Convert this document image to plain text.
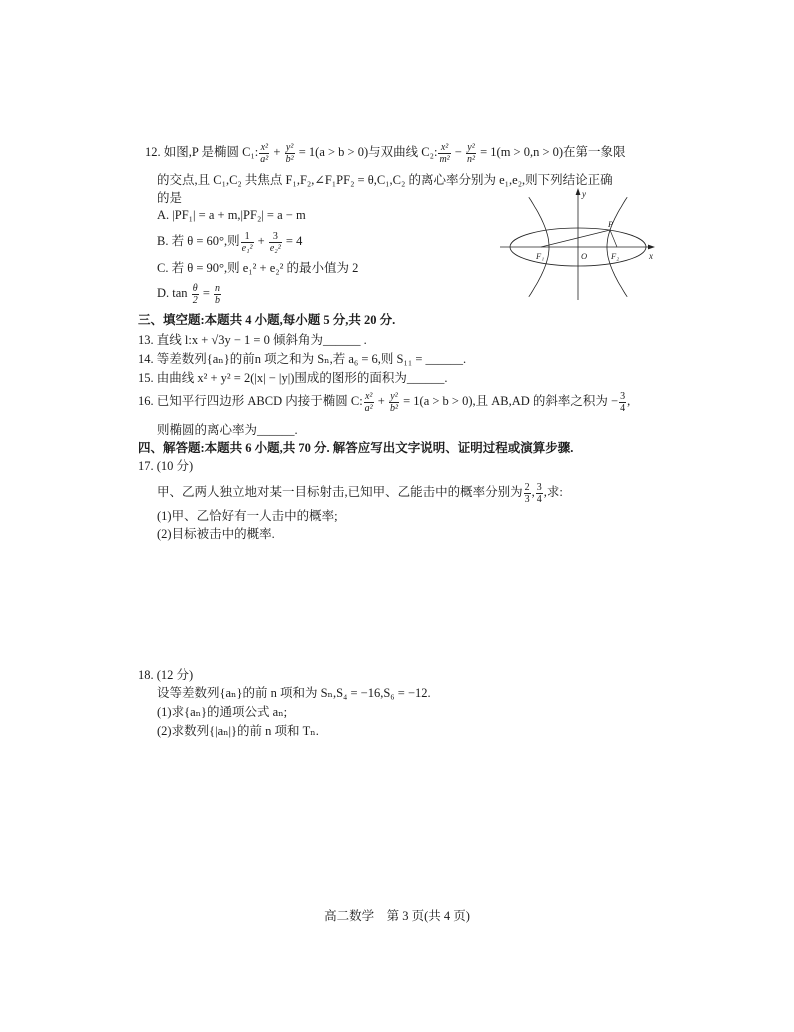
12. 如图,P 是椭圆 C₁: $\frac{\text{x²}}{\text{a²}} + \frac{\text{y²}}{\text{b²}} = 1(a > b > 0)$与双曲线 C₂: $\frac{\text{x²}}{\text{m²}} - \frac{\text{y²}}{\text{n²}} = 1(m > 0,n > 0)$在第一象限
的交点,且 C₁,C₂ 共焦点 F₁,F₂,∠F₁PF₂ = θ,C₁,C₂ 的离心率分别为 e₁,e₂,则下列结论正确
的是
A. |PF₁| = a + m,|PF₂| = a − m
B. 若 θ = 60°,则 $\frac{1}{\text{e₁²}} + \frac{3}{\text{e₂²}} = 4$
C. 若 θ = 90°,则 e₁² + e₂² 的最小值为 2
D. $\tan \frac{\theta}{2} = \frac{n}{b}$
y
x
O
F₁	F₂
P
三、填空题:本题共 4 小题,每小题 5 分,共 20 分.
13. 直线 l:x + √3y − 1 = 0 倾斜角为______ .
14. 等差数列{aₙ}的前n 项之和为 Sₙ,若 a₆ = 6,则 S₁₁ = ______.
15. 由曲线 x² + y² = 2(|x| − |y|)围成的图形的面积为______.
16. 已知平行四边形 ABCD 内接于椭圆 C: $\frac{\text{x²}}{\text{a²}} + \frac{\text{y²}}{\text{b²}} = 1(a > b > 0)$,且 AB,AD 的斜率之积为 − $\frac{3}{4}$ ,
则椭圆的离心率为______.
四、解答题:本题共 6 小题,共 70 分. 解答应写出文字说明、证明过程或演算步骤.
17. (10 分)
甲、乙两人独立地对某一目标射击,已知甲、乙能击中的概率分别为 $\frac{2}{3}$ , $\frac{3}{4}$ ,求:
(1)甲、乙恰好有一人击中的概率;
(2)目标被击中的概率.
18. (12 分)
设等差数列{aₙ}的前 n 项和为 Sₙ,S₄ = −16,S₆ = −12.
(1)求{aₙ}的通项公式 aₙ;
(2)求数列{|aₙ|}的前 n 项和 Tₙ.
高二数学　第 3 页(共 4 页)
